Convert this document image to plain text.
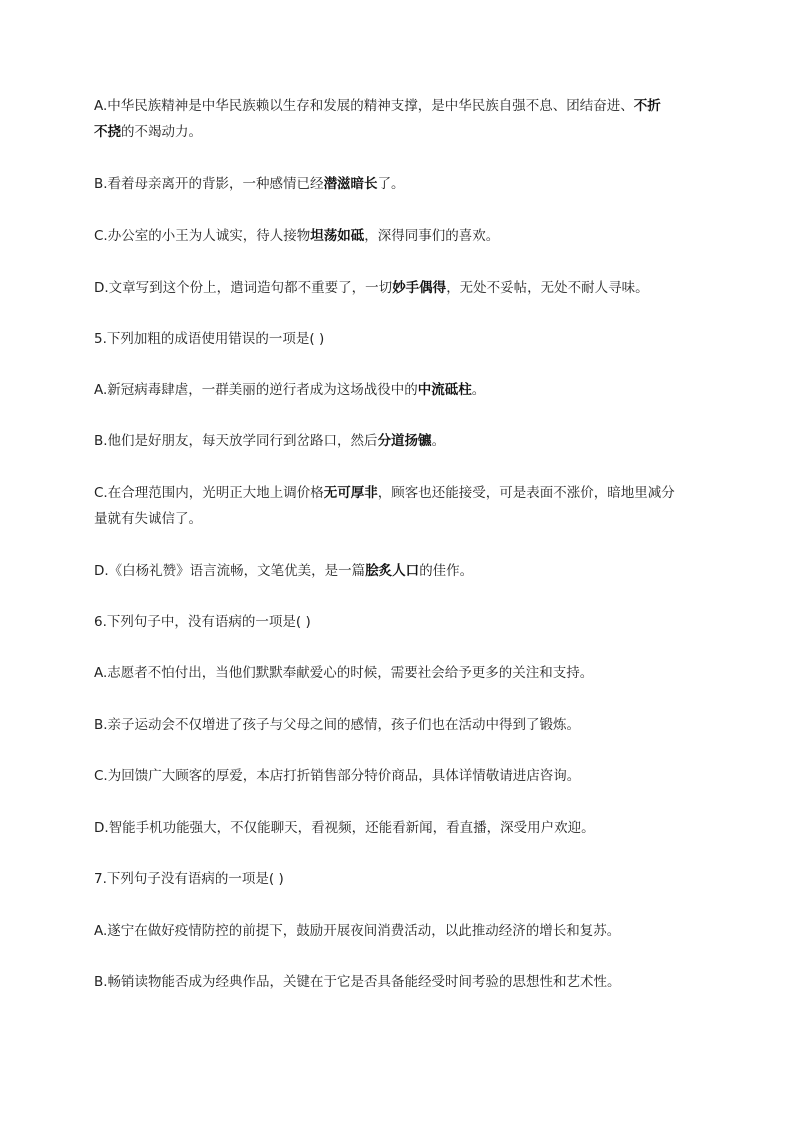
A.中华民族精神是中华民族赖以生存和发展的精神支撑，是中华民族自强不息、团结奋进、不折
不挠的不竭动力。
B.看着母亲离开的背影，一种感情已经潜滋暗长了。
C.办公室的小王为人诚实，待人接物坦荡如砥，深得同事们的喜欢。
D.文章写到这个份上，遣词造句都不重要了，一切妙手偶得，无处不妥帖，无处不耐人寻味。
5.下列加粗的成语使用错误的一项是( )
A.新冠病毒肆虐，一群美丽的逆行者成为这场战役中的中流砥柱。
B.他们是好朋友，每天放学同行到岔路口，然后分道扬镳。
C.在合理范围内，光明正大地上调价格无可厚非，顾客也还能接受，可是表面不涨价，暗地里减分
量就有失诚信了。
D.《白杨礼赞》语言流畅，文笔优美，是一篇脍炙人口的佳作。
6.下列句子中，没有语病的一项是( )
A.志愿者不怕付出，当他们默默奉献爱心的时候，需要社会给予更多的关注和支持。
B.亲子运动会不仅增进了孩子与父母之间的感情，孩子们也在活动中得到了锻炼。
C.为回馈广大顾客的厚爱，本店打折销售部分特价商品，具体详情敬请进店咨询。
D.智能手机功能强大，不仅能聊天，看视频，还能看新闻，看直播，深受用户欢迎。
7.下列句子没有语病的一项是( )
A.遂宁在做好疫情防控的前提下，鼓励开展夜间消费活动，以此推动经济的增长和复苏。
B.畅销读物能否成为经典作品，关键在于它是否具备能经受时间考验的思想性和艺术性。
